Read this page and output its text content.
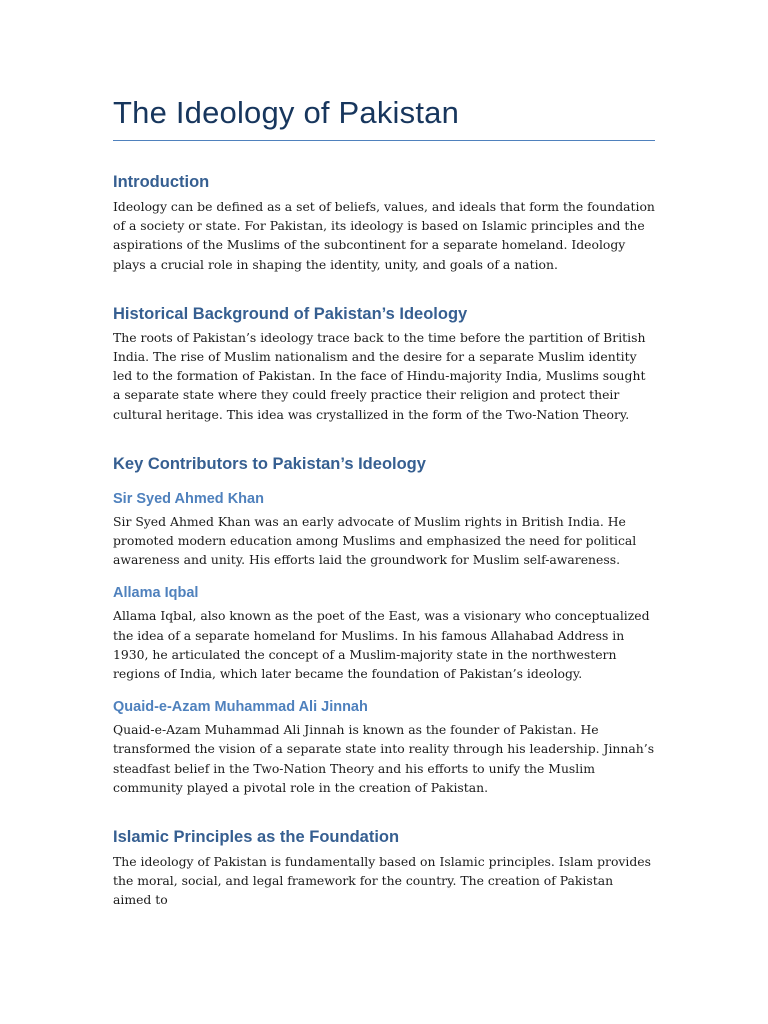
The Ideology of Pakistan
Introduction

Ideology can be defined as a set of beliefs, values, and ideals that form the foundation of a society or state. For Pakistan, its ideology is based on Islamic principles and the aspirations of the Muslims of the subcontinent for a separate homeland. Ideology plays a crucial role in shaping the identity, unity, and goals of a nation.

Historical Background of Pakistan’s Ideology

The roots of Pakistan’s ideology trace back to the time before the partition of British India. The rise of Muslim nationalism and the desire for a separate Muslim identity led to the formation of Pakistan. In the face of Hindu-majority India, Muslims sought a separate state where they could freely practice their religion and protect their cultural heritage. This idea was crystallized in the form of the Two-Nation Theory.

Key Contributors to Pakistan’s Ideology
Sir Syed Ahmed Khan

Sir Syed Ahmed Khan was an early advocate of Muslim rights in British India. He promoted modern education among Muslims and emphasized the need for political awareness and unity. His efforts laid the groundwork for Muslim self-awareness.

Allama Iqbal

Allama Iqbal, also known as the poet of the East, was a visionary who conceptualized the idea of a separate homeland for Muslims. In his famous Allahabad Address in 1930, he articulated the concept of a Muslim-majority state in the northwestern regions of India, which later became the foundation of Pakistan’s ideology.

Quaid-e-Azam Muhammad Ali Jinnah

Quaid-e-Azam Muhammad Ali Jinnah is known as the founder of Pakistan. He transformed the vision of a separate state into reality through his leadership. Jinnah’s steadfast belief in the Two-Nation Theory and his efforts to unify the Muslim community played a pivotal role in the creation of Pakistan.

Islamic Principles as the Foundation

The ideology of Pakistan is fundamentally based on Islamic principles. Islam provides the moral, social, and legal framework for the country. The creation of Pakistan aimed to
